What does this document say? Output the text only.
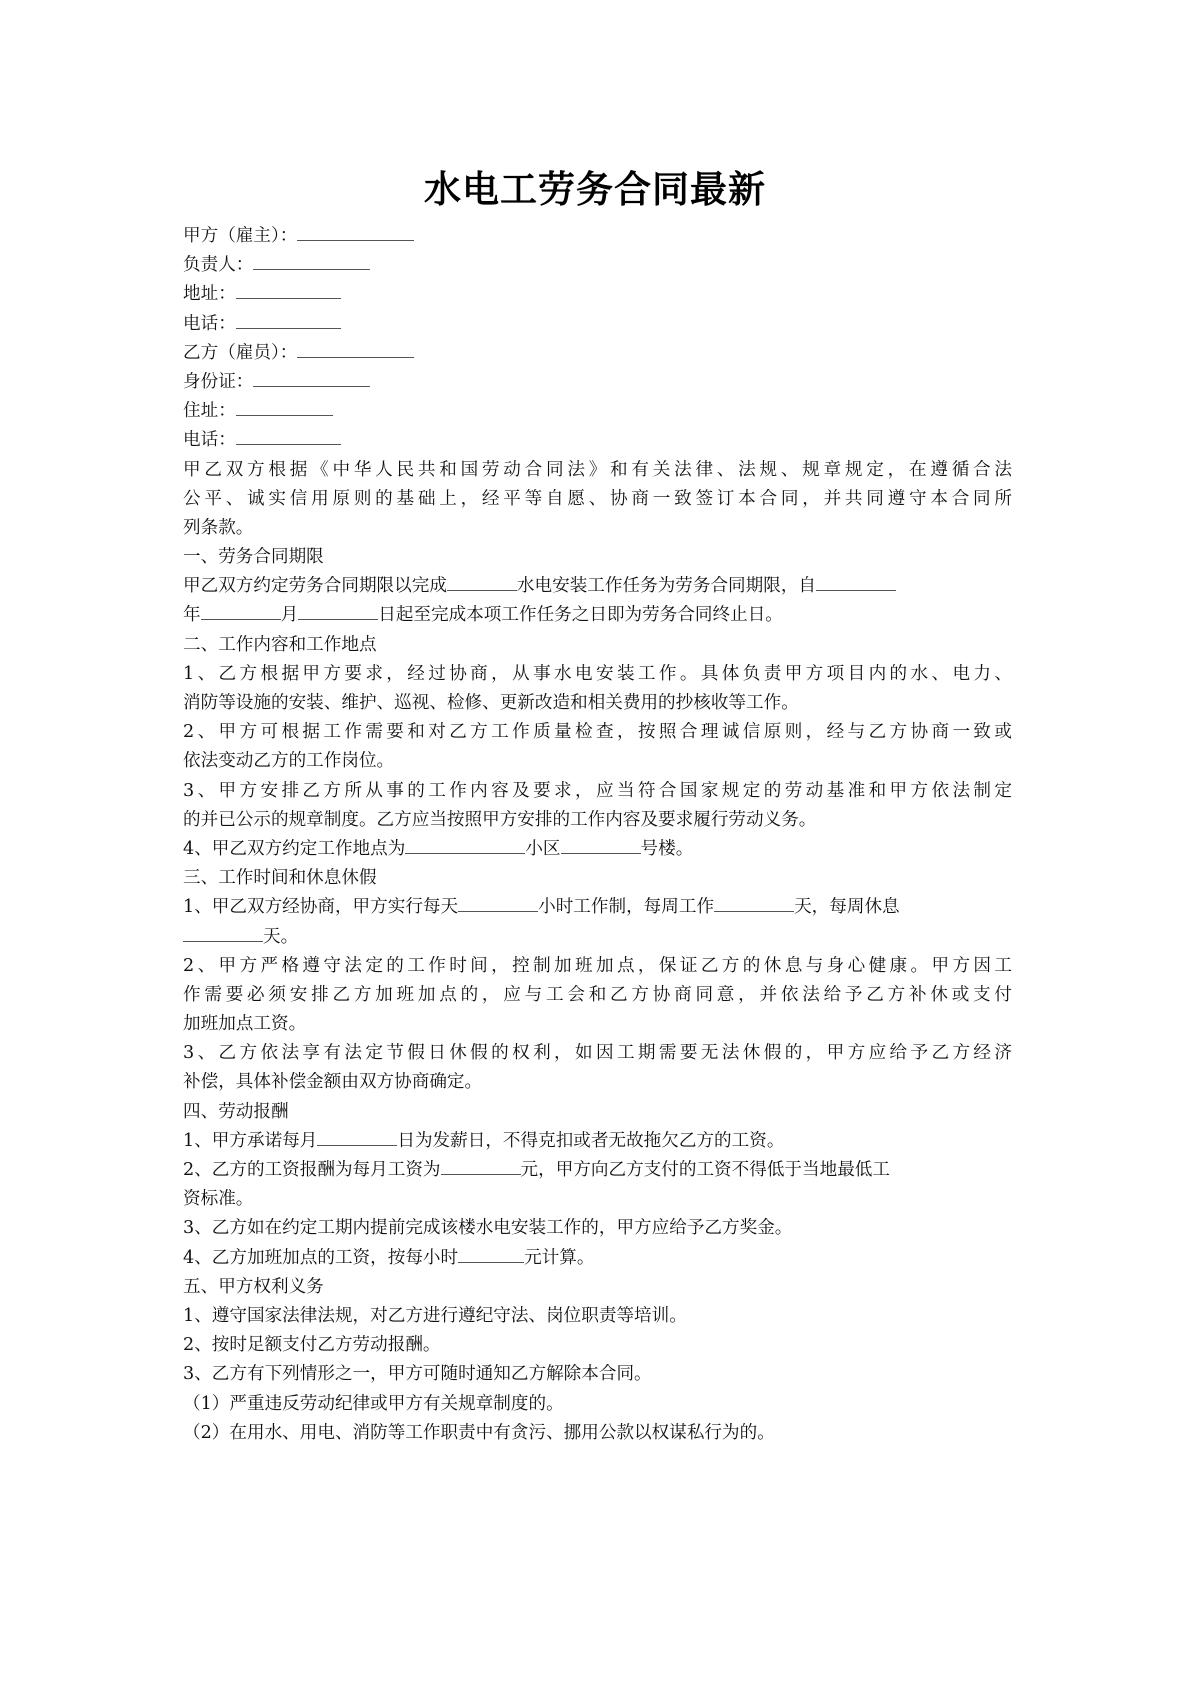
水电工劳务合同最新
甲方（雇主）：
负责人：
地址：
电话：
乙方（雇员）：
身份证：
住址：
电话：
甲乙双方根据《中华人民共和国劳动合同法》和有关法律、法规、规章规定，在遵循合法
公平、诚实信用原则的基础上，经平等自愿、协商一致签订本合同，并共同遵守本合同所
列条款。
一、劳务合同期限
甲乙双方约定劳务合同期限以完成	水电安装工作任务为劳务合同期限，自
年	月	日起至完成本项工作任务之日即为劳务合同终止日。
二、工作内容和工作地点
1、乙方根据甲方要求，经过协商，从事水电安装工作。具体负责甲方项目内的水、电力、
消防等设施的安装、维护、巡视、检修、更新改造和相关费用的抄核收等工作。
2、甲方可根据工作需要和对乙方工作质量检查，按照合理诚信原则，经与乙方协商一致或
依法变动乙方的工作岗位。
3、甲方安排乙方所从事的工作内容及要求，应当符合国家规定的劳动基准和甲方依法制定
的并已公示的规章制度。乙方应当按照甲方安排的工作内容及要求履行劳动义务。
4、甲乙双方约定工作地点为	小区	号楼。
三、工作时间和休息休假
1、甲乙双方经协商，甲方实行每天	小时工作制，每周工作	天，每周休息
天。
2、甲方严格遵守法定的工作时间，控制加班加点，保证乙方的休息与身心健康。甲方因工
作需要必须安排乙方加班加点的，应与工会和乙方协商同意，并依法给予乙方补休或支付
加班加点工资。
3、乙方依法享有法定节假日休假的权利，如因工期需要无法休假的，甲方应给予乙方经济
补偿，具体补偿金额由双方协商确定。
四、劳动报酬
1、甲方承诺每月	日为发薪日，不得克扣或者无故拖欠乙方的工资。
2、乙方的工资报酬为每月工资为	元，甲方向乙方支付的工资不得低于当地最低工
资标准。
3、乙方如在约定工期内提前完成该楼水电安装工作的，甲方应给予乙方奖金。
4、乙方加班加点的工资，按每小时	元计算。
五、甲方权利义务
1、遵守国家法律法规，对乙方进行遵纪守法、岗位职责等培训。
2、按时足额支付乙方劳动报酬。
3、乙方有下列情形之一，甲方可随时通知乙方解除本合同。
（1）严重违反劳动纪律或甲方有关规章制度的。
（2）在用水、用电、消防等工作职责中有贪污、挪用公款以权谋私行为的。
